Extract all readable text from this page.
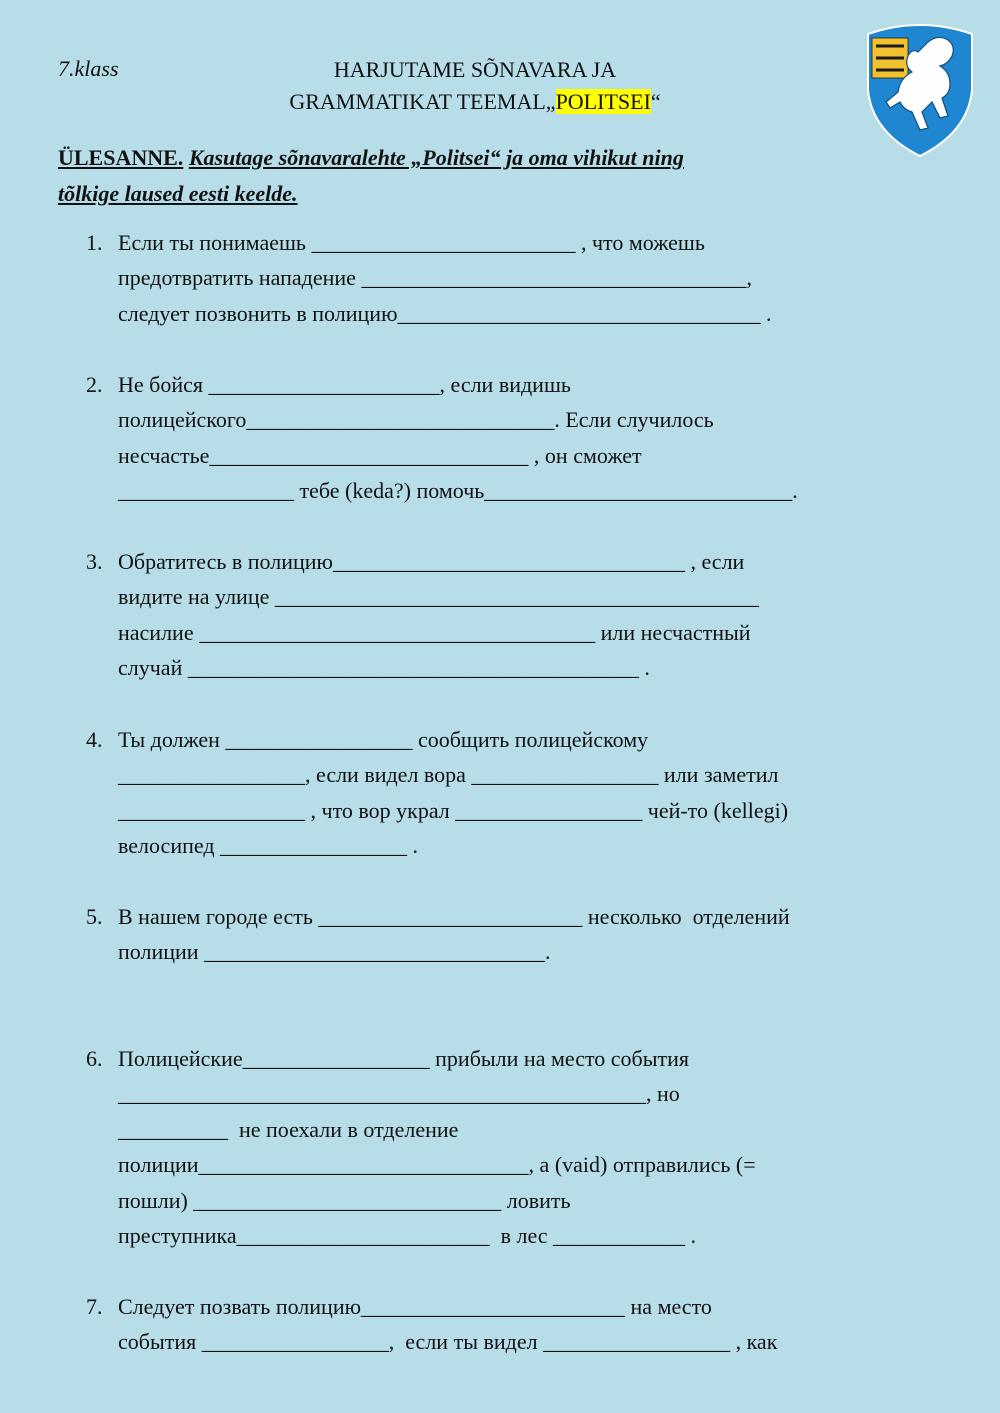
7.klass	HARJUTAME SÕNAVARA JA
GRAMMATIKAT TEEMAL„POLITSEI“
ÜLESANNE. Kasutage sõnavaralehte „Politsei“ ja oma vihikut ning
tõlkige laused eesti keelde.
1. Если ты понимаешь ________________________ , что можешь
предотвратить нападение ___________________________________,
следует позвонить в полицию_________________________________ .
2. Не бойся _____________________, если видишь
полицейского____________________________. Если случилось
несчастье_____________________________ , он сможет
________________ тебе (keda?) помочь____________________________.
3. Обратитесь в полицию________________________________ , если
видите на улице ____________________________________________
насилие ____________________________________ или несчастный
случай _________________________________________ .
4. Ты должен _________________ сообщить полицейскому
_________________, если видел вора _________________ или заметил
_________________ , что вор украл _________________ чей-то (kellegi)
велосипед _________________ .
5. В нашем городе есть ________________________ несколько  отделений
полиции _______________________________.
6. Полицейские_________________ прибыли на место события
________________________________________________, но
__________  не поехали в отделение
полиции______________________________, а (vaid) отправились (=
пошли) ____________________________ ловить
преступника_______________________  в лес ____________ .
7. Следует позвать полицию________________________ на место
события _________________,  если ты видел _________________ , как
